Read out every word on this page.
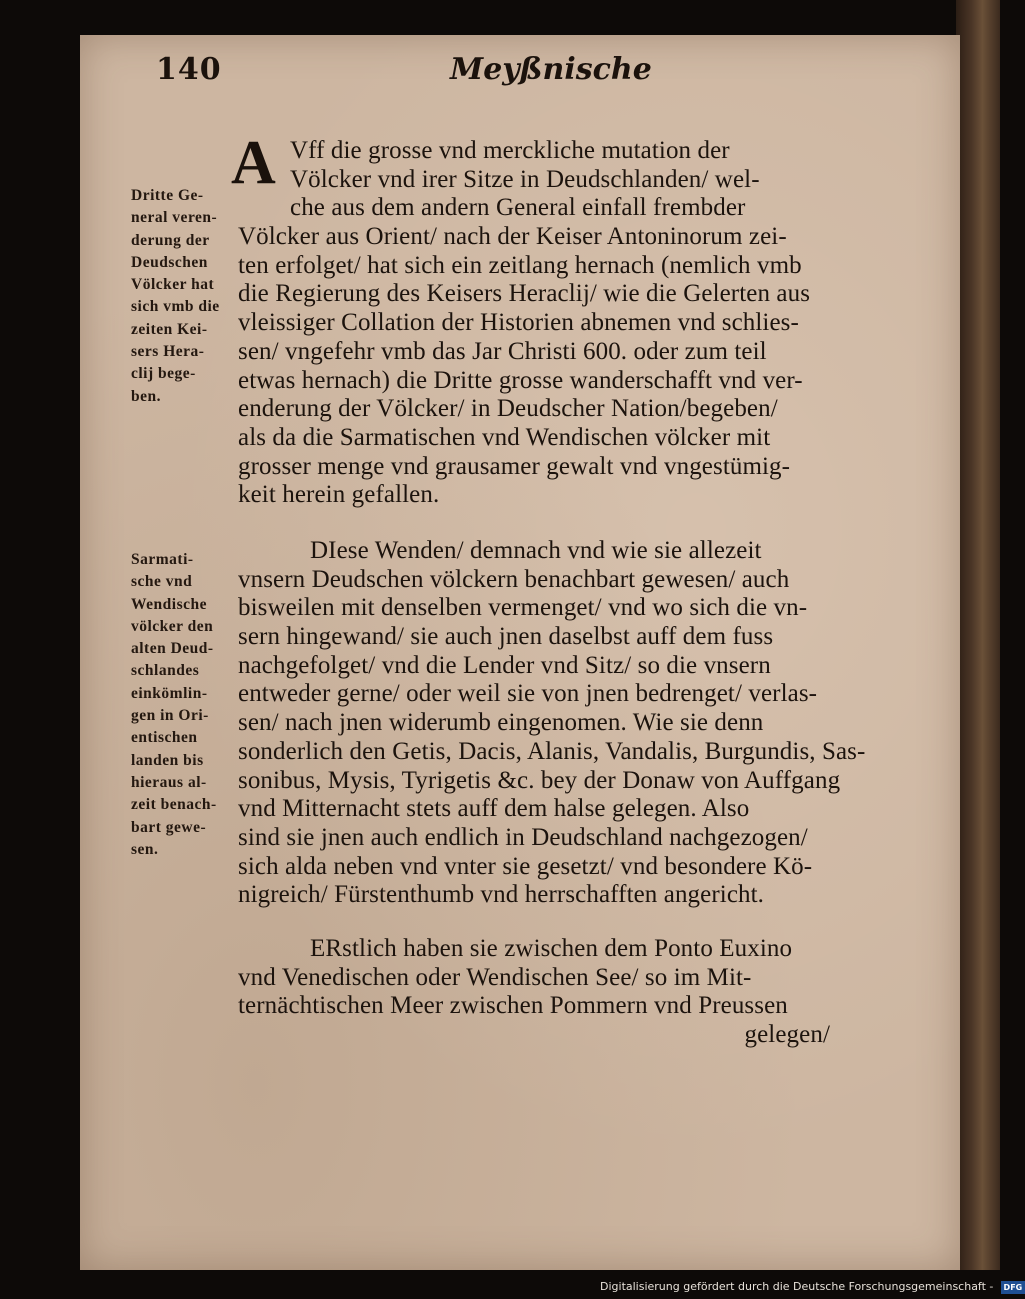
140	Meyßnische
Dritte Ge-
neral veren-
derung der
Deudschen
Völcker hat
sich vmb die
zeiten Kei-
sers Hera-
clij bege-
ben.
Sarmati-
sche vnd
Wendische
völcker den
alten Deud-
schlandes
einkömlin-
gen in Ori-
entischen
landen bis
hieraus al-
zeit benach-
bart gewe-
sen.
A Vff die grosse vnd merckliche mutation der
Völcker vnd irer Sitze in Deudschlanden/ wel-
che aus dem andern General einfall frembder
Völcker aus Orient/ nach der Keiser Antoninorum zei-
ten erfolget/ hat sich ein zeitlang hernach (nemlich vmb
die Regierung des Keisers Heraclij/ wie die Gelerten aus
vleissiger Collation der Historien abnemen vnd schlies-
sen/ vngefehr vmb das Jar Christi 600. oder zum teil
etwas hernach) die Dritte grosse wanderschafft vnd ver-
enderung der Völcker/ in Deudscher Nation/begeben/
als da die Sarmatischen vnd Wendischen völcker mit
grosser menge vnd grausamer gewalt vnd vngestümig-
keit herein gefallen.
DIese Wenden/ demnach vnd wie sie allezeit
vnsern Deudschen völckern benachbart gewesen/ auch
bisweilen mit denselben vermenget/ vnd wo sich die vn-
sern hingewand/ sie auch jnen daselbst auff dem fuss
nachgefolget/ vnd die Lender vnd Sitz/ so die vnsern
entweder gerne/ oder weil sie von jnen bedrenget/ verlas-
sen/ nach jnen widerumb eingenomen. Wie sie denn
sonderlich den Getis, Dacis, Alanis, Vandalis, Burgundis, Sas-
sonibus, Mysis, Tyrigetis &c. bey der Donaw von Auffgang
vnd Mitternacht stets auff dem halse gelegen. Also
sind sie jnen auch endlich in Deudschland nachgezogen/
sich alda neben vnd vnter sie gesetzt/ vnd besondere Kö-
nigreich/ Fürstenthumb vnd herrschafften angericht.
ERstlich haben sie zwischen dem Ponto Euxino
vnd Venedischen oder Wendischen See/ so im Mit-
ternächtischen Meer zwischen Pommern vnd Preussen
gelegen/
Digitalisierung gefördert durch die Deutsche Forschungsgemeinschaft - DFG
